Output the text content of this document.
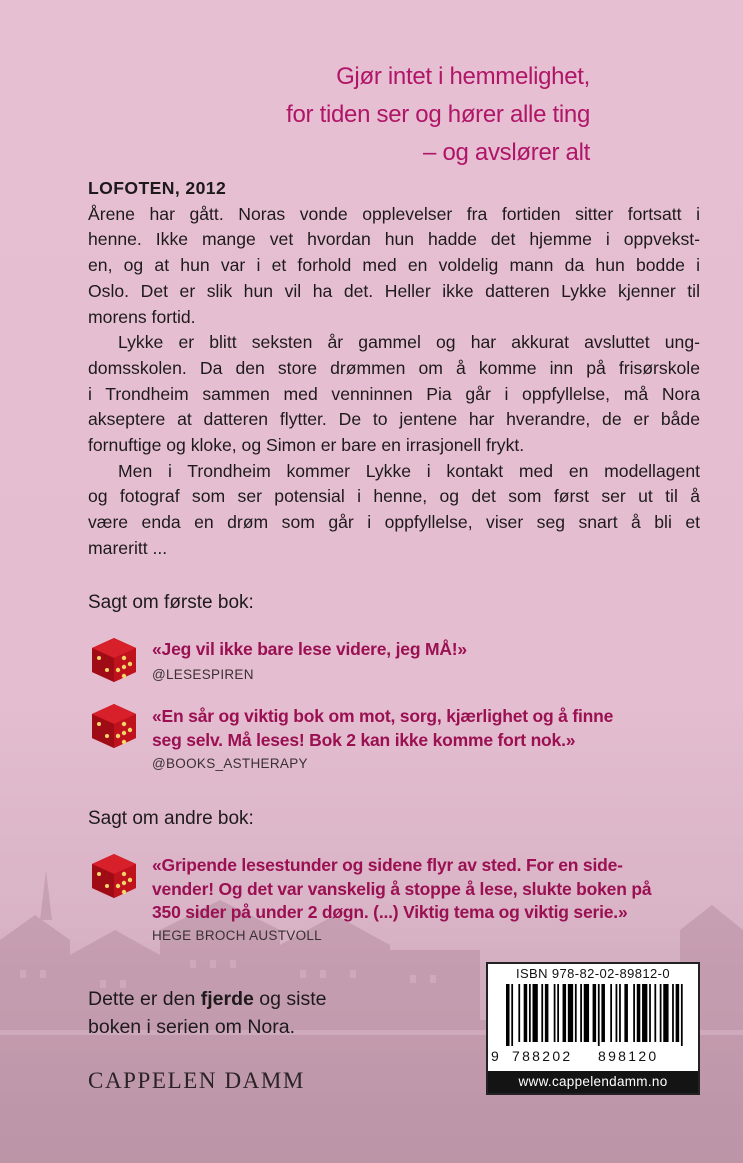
Gjør intet i hemmelighet,
for tiden ser og hører alle ting
– og avslører alt
LOFOTEN, 2012
Årene har gått. Noras vonde opplevelser fra fortiden sitter fortsatt i
henne. Ikke mange vet hvordan hun hadde det hjemme i oppvekst-
en, og at hun var i et forhold med en voldelig mann da hun bodde i
Oslo. Det er slik hun vil ha det. Heller ikke datteren Lykke kjenner til
morens fortid.
Lykke er blitt seksten år gammel og har akkurat avsluttet ung-
domsskolen. Da den store drømmen om å komme inn på frisørskole
i Trondheim sammen med venninnen Pia går i oppfyllelse, må Nora
akseptere at datteren flytter. De to jentene har hverandre, de er både
fornuftige og kloke, og Simon er bare en irrasjonell frykt.
Men i Trondheim kommer Lykke i kontakt med en modellagent
og fotograf som ser potensial i henne, og det som først ser ut til å
være enda en drøm som går i oppfyllelse, viser seg snart å bli et
mareritt ...
Sagt om første bok:
«Jeg vil ikke bare lese videre, jeg MÅ!»
@LESESPIREN
«En sår og viktig bok om mot, sorg, kjærlighet og å finne
seg selv. Må leses! Bok 2 kan ikke komme fort nok.»
@BOOKS_ASTHERAPY
Sagt om andre bok:
«Gripende lesestunder og sidene flyr av sted. For en side-
vender! Og det var vanskelig å stoppe å lese, slukte boken på
350 sider på under 2 døgn. (...) Viktig tema og viktig serie.»
HEGE BROCH AUSTVOLL
Dette er den fjerde og siste
boken i serien om Nora.
CAPPELEN DAMM
ISBN 978-82-02-89812-0
9 788202 898120
www.cappelendamm.no
